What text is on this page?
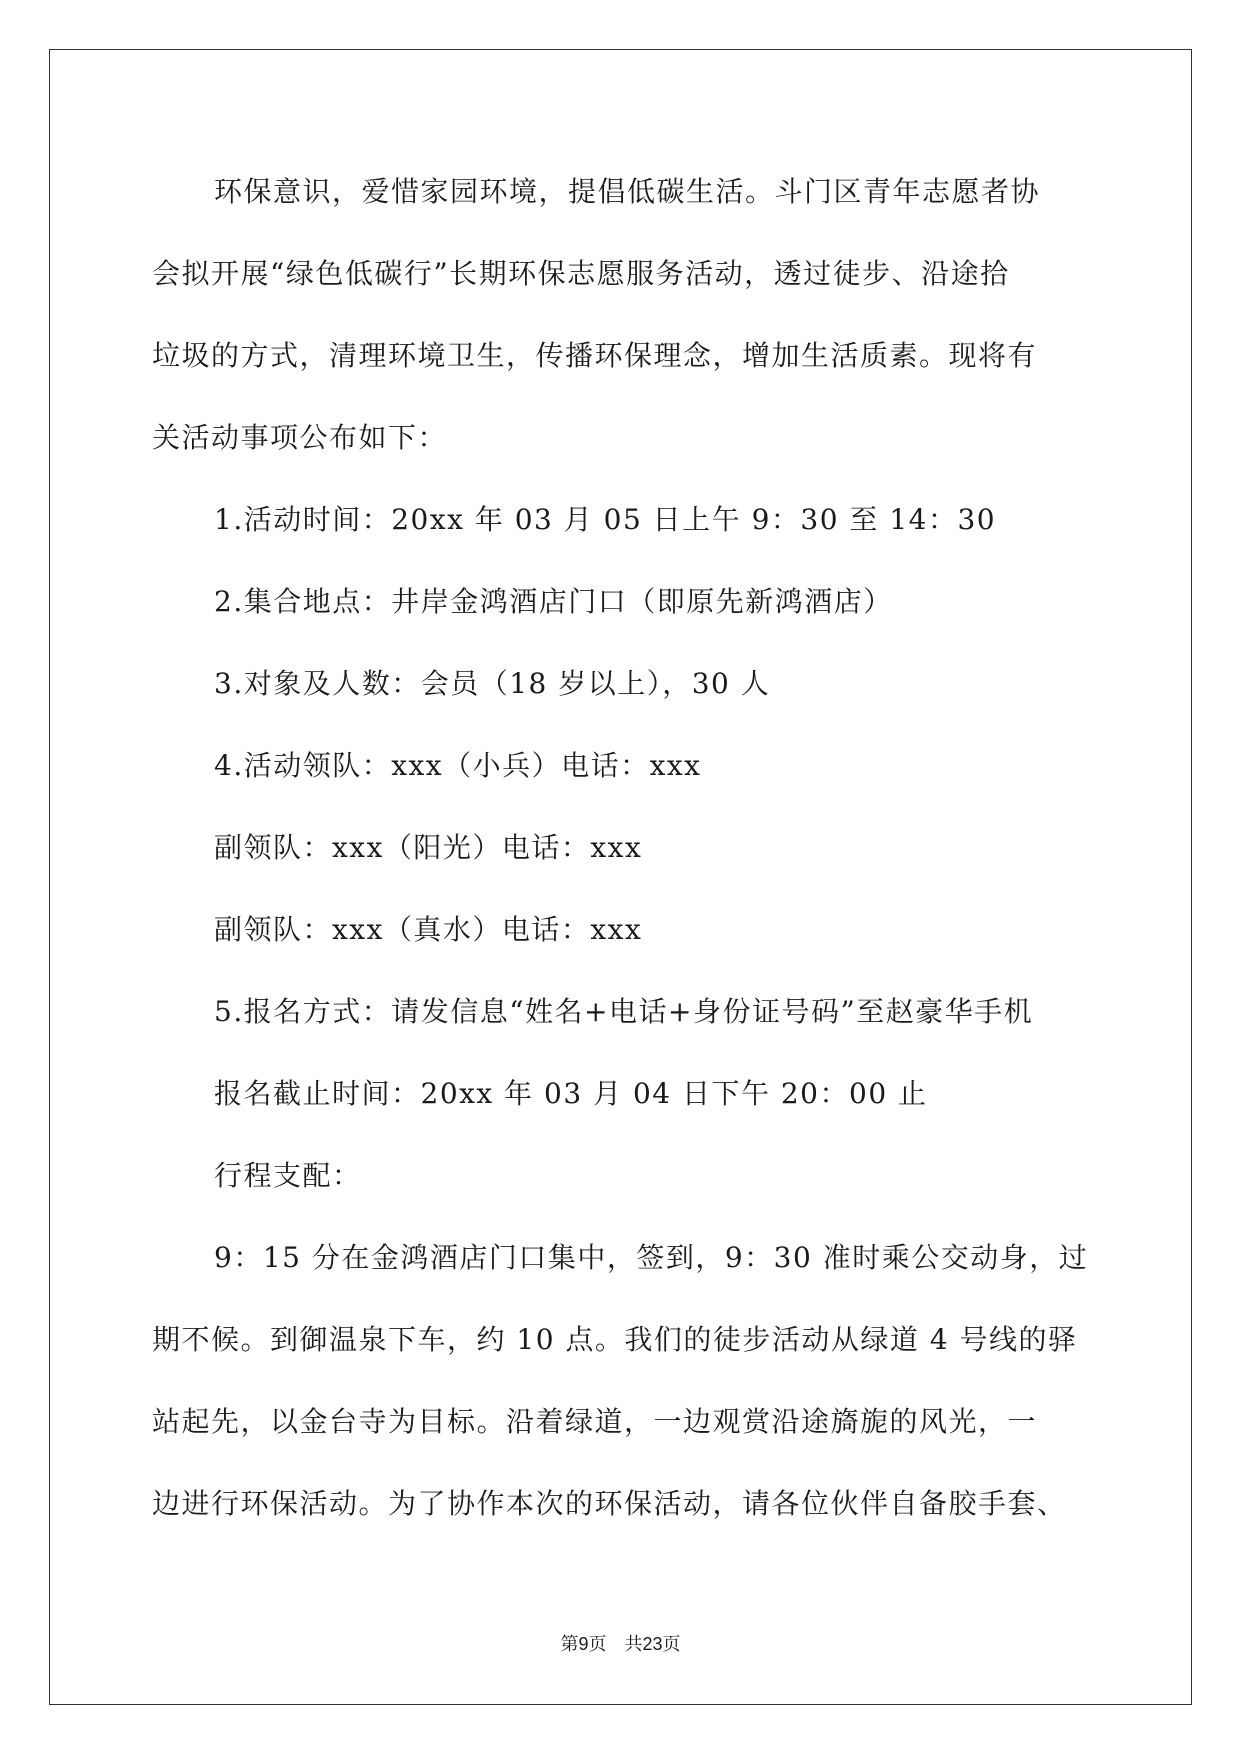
环保意识，爱惜家园环境，提倡低碳生活。斗门区青年志愿者协
会拟开展“绿色低碳行”长期环保志愿服务活动，透过徒步、沿途拾
垃圾的方式，清理环境卫生，传播环保理念，增加生活质素。现将有
关活动事项公布如下：
1.活动时间：20xx 年 03 月 05 日上午 9：30 至 14：30
2.集合地点：井岸金鸿酒店门口（即原先新鸿酒店）
3.对象及人数：会员（18 岁以上），30 人
4.活动领队：xxx（小兵）电话：xxx
副领队：xxx（阳光）电话：xxx
副领队：xxx（真水）电话：xxx
5.报名方式：请发信息“姓名+电话+身份证号码”至赵豪华手机
报名截止时间：20xx 年 03 月 04 日下午 20：00 止
行程支配：
9：15 分在金鸿酒店门口集中，签到，9：30 准时乘公交动身，过
期不候。到御温泉下车，约 10 点。我们的徒步活动从绿道 4 号线的驿
站起先，以金台寺为目标。沿着绿道，一边观赏沿途旖旎的风光，一
边进行环保活动。为了协作本次的环保活动，请各位伙伴自备胶手套、
第9页　共23页
